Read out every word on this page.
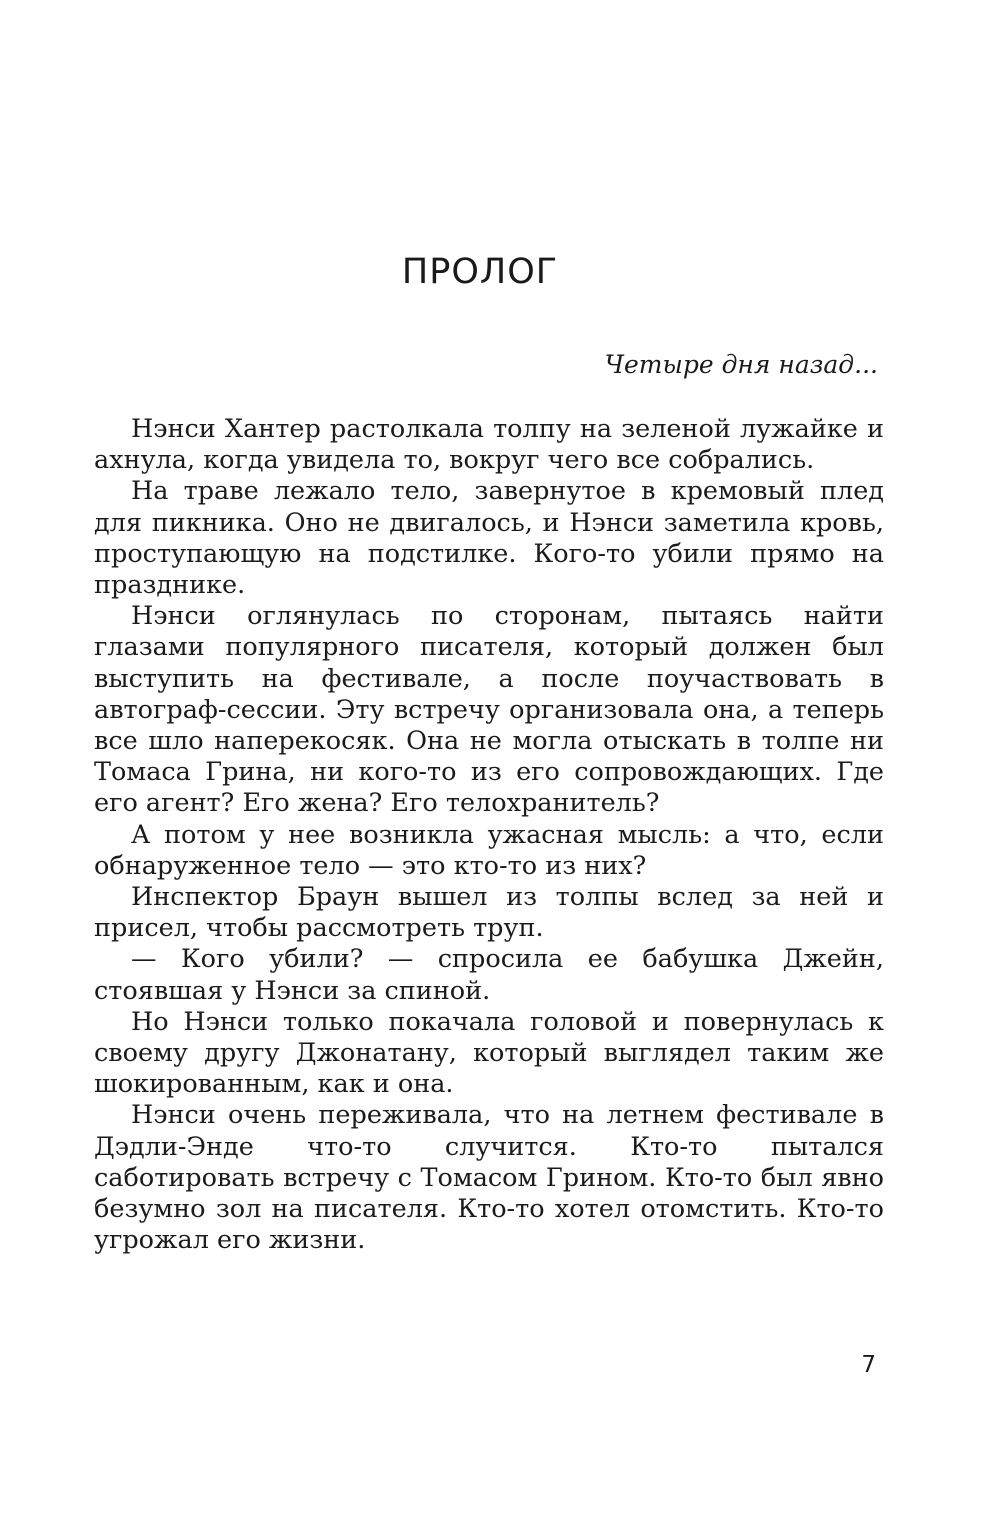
ПРОЛОГ
Четыре дня назад...

Нэнси Хантер растолкала толпу на зеленой лужайке и ахнула, когда увидела то, вокруг чего все собрались.

На траве лежало тело, завернутое в кремовый плед для пикника. Оно не двигалось, и Нэнси заметила кровь, проступающую на подстилке. Кого-то убили прямо на празднике.

Нэнси оглянулась по сторонам, пытаясь найти глазами популярного писателя, который должен был выступить на фестивале, а после поучаствовать в автограф-сессии. Эту встречу организовала она, а теперь все шло наперекосяк. Она не могла отыскать в толпе ни Томаса Грина, ни кого-то из его сопровождающих. Где его агент? Его жена? Его телохранитель?

А потом у нее возникла ужасная мысль: а что, если обнаруженное тело — это кто-то из них?

Инспектор Браун вышел из толпы вслед за ней и присел, чтобы рассмотреть труп.

— Кого убили? — спросила ее бабушка Джейн, стоявшая у Нэнси за спиной.

Но Нэнси только покачала головой и повернулась к своему другу Джонатану, который выглядел таким же шокированным, как и она.

Нэнси очень переживала, что на летнем фестивале в Дэдли-Энде что-то случится. Кто-то пытался саботировать встречу с Томасом Грином. Кто-то был явно безумно зол на писателя. Кто-то хотел отомстить. Кто-то угрожал его жизни.

7
